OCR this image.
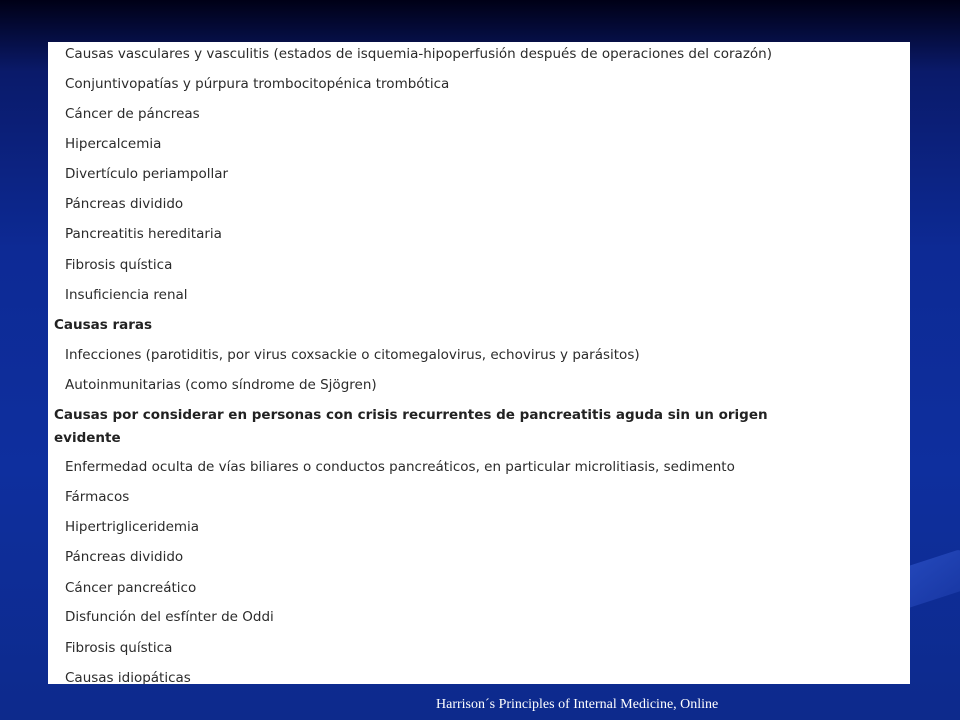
Causas vasculares y vasculitis (estados de isquemia-hipoperfusión después de operaciones del corazón)
Conjuntivopatías y púrpura trombocitopénica trombótica
Cáncer de páncreas
Hipercalcemia
Divertículo periampollar
Páncreas dividido
Pancreatitis hereditaria
Fibrosis quística
Insuficiencia renal
Causas raras
Infecciones (parotiditis, por virus coxsackie o citomegalovirus, echovirus y parásitos)
Autoinmunitarias (como síndrome de Sjögren)
Causas por considerar en personas con crisis recurrentes de pancreatitis aguda sin un origen
evidente
Enfermedad oculta de vías biliares o conductos pancreáticos, en particular microlitiasis, sedimento
Fármacos
Hipertrigliceridemia
Páncreas dividido
Cáncer pancreático
Disfunción del esfínter de Oddi
Fibrosis quística
Causas idiopáticas
Harrison´s Principles of Internal Medicine, Online
